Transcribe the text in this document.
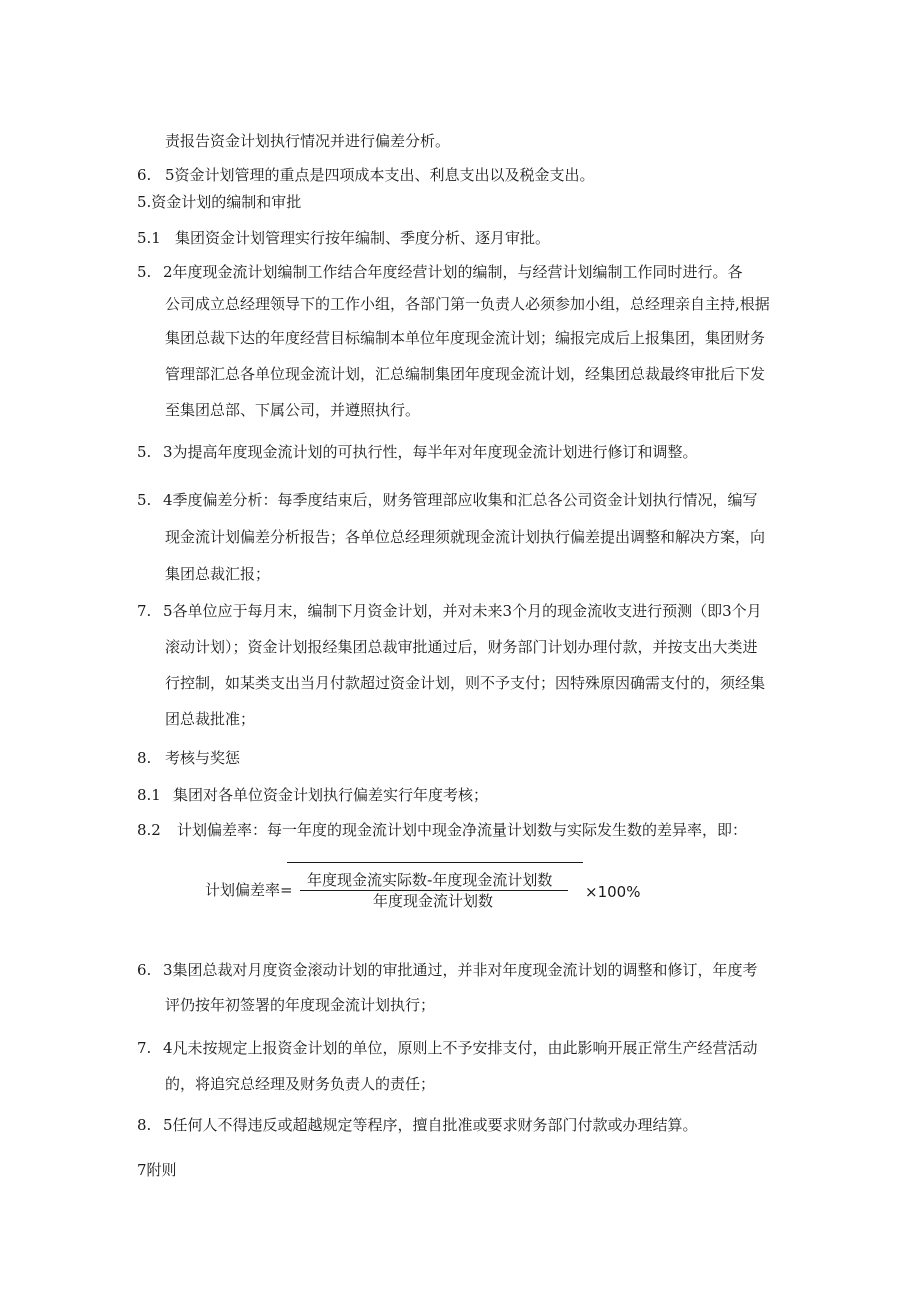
责报告资金计划执行情况并进行偏差分析。
6. 5资金计划管理的重点是四项成本支出、利息支出以及税金支出。
5.资金计划的编制和审批
5.1 集团资金计划管理实行按年编制、季度分析、逐月审批。
5. 2年度现金流计划编制工作结合年度经营计划的编制，与经营计划编制工作同时进行。各
公司成立总经理领导下的工作小组，各部门第一负责人必须参加小组，总经理亲自主持,根据
集团总裁下达的年度经营目标编制本单位年度现金流计划；编报完成后上报集团，集团财务
管理部汇总各单位现金流计划，汇总编制集团年度现金流计划，经集团总裁最终审批后下发
至集团总部、下属公司，并遵照执行。
5. 3为提高年度现金流计划的可执行性，每半年对年度现金流计划进行修订和调整。
5. 4季度偏差分析：每季度结束后，财务管理部应收集和汇总各公司资金计划执行情况，编写
现金流计划偏差分析报告；各单位总经理须就现金流计划执行偏差提出调整和解决方案，向
集团总裁汇报；
7. 5各单位应于每月末，编制下月资金计划，并对未来3个月的现金流收支进行预测（即3个月
滚动计划）；资金计划报经集团总裁审批通过后，财务部门计划办理付款，并按支出大类进
行控制，如某类支出当月付款超过资金计划，则不予支付；因特殊原因确需支付的，须经集
团总裁批准；
8. 考核与奖惩
8.1 集团对各单位资金计划执行偏差实行年度考核；
8.2 计划偏差率：每一年度的现金流计划中现金净流量计划数与实际发生数的差异率，即：
计划偏差率=
年度现金流实际数-年度现金流计划数
年度现金流计划数	×100%
6. 3集团总裁对月度资金滚动计划的审批通过，并非对年度现金流计划的调整和修订，年度考
评仍按年初签署的年度现金流计划执行；
7. 4凡未按规定上报资金计划的单位，原则上不予安排支付，由此影响开展正常生产经营活动
的，将追究总经理及财务负责人的责任；
8. 5任何人不得违反或超越规定等程序，擅自批准或要求财务部门付款或办理结算。
7附则
